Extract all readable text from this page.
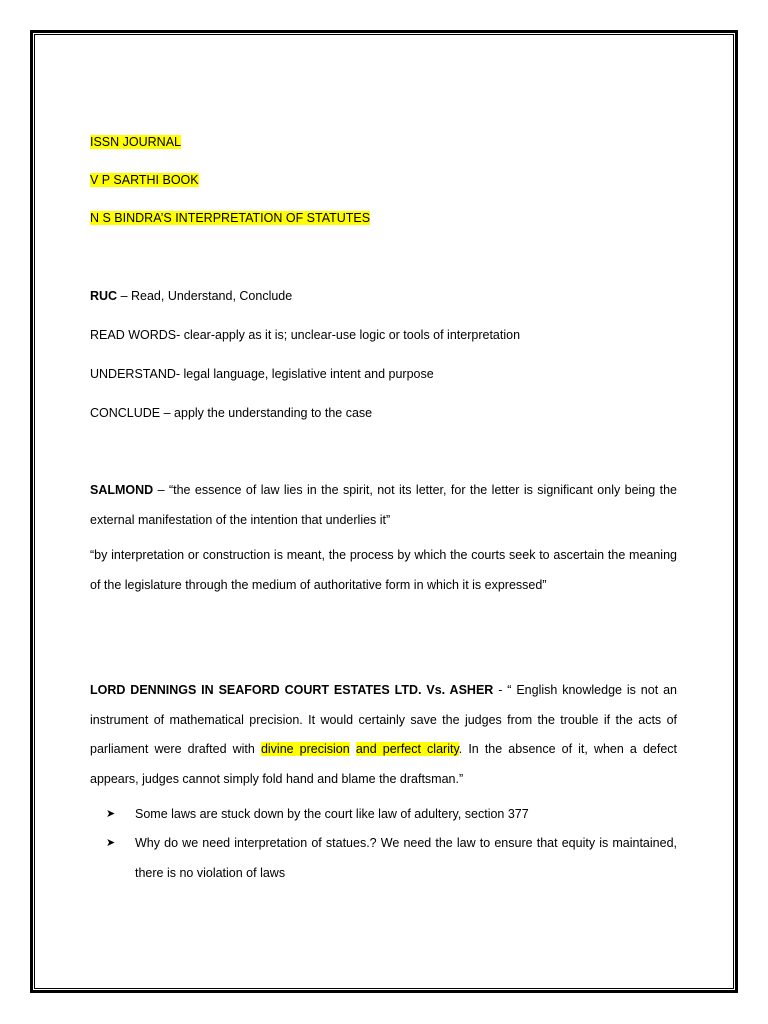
ISSN JOURNAL
V P SARTHI BOOK
N S BINDRA’S INTERPRETATION OF STATUTES
RUC – Read, Understand, Conclude
READ WORDS- clear-apply as it is; unclear-use logic or tools of interpretation
UNDERSTAND- legal language, legislative intent and purpose
CONCLUDE – apply the understanding to the case
SALMOND – “the essence of law lies in the spirit, not its letter, for the letter is significant only being the external manifestation of the intention that underlies it”
“by interpretation or construction is meant, the process by which the courts seek to ascertain the meaning of the legislature through the medium of authoritative form in which it is expressed”
LORD DENNINGS IN SEAFORD COURT ESTATES LTD. Vs. ASHER - “ English knowledge is not an instrument of mathematical precision. It would certainly save the judges from the trouble if the acts of parliament were drafted with divine precision and perfect clarity. In the absence of it, when a defect appears, judges cannot simply fold hand and blame the draftsman.”
➤	Some laws are stuck down by the court like law of adultery, section 377
➤	Why do we need interpretation of statues.? We need the law to ensure that equity is maintained, there is no violation of laws
